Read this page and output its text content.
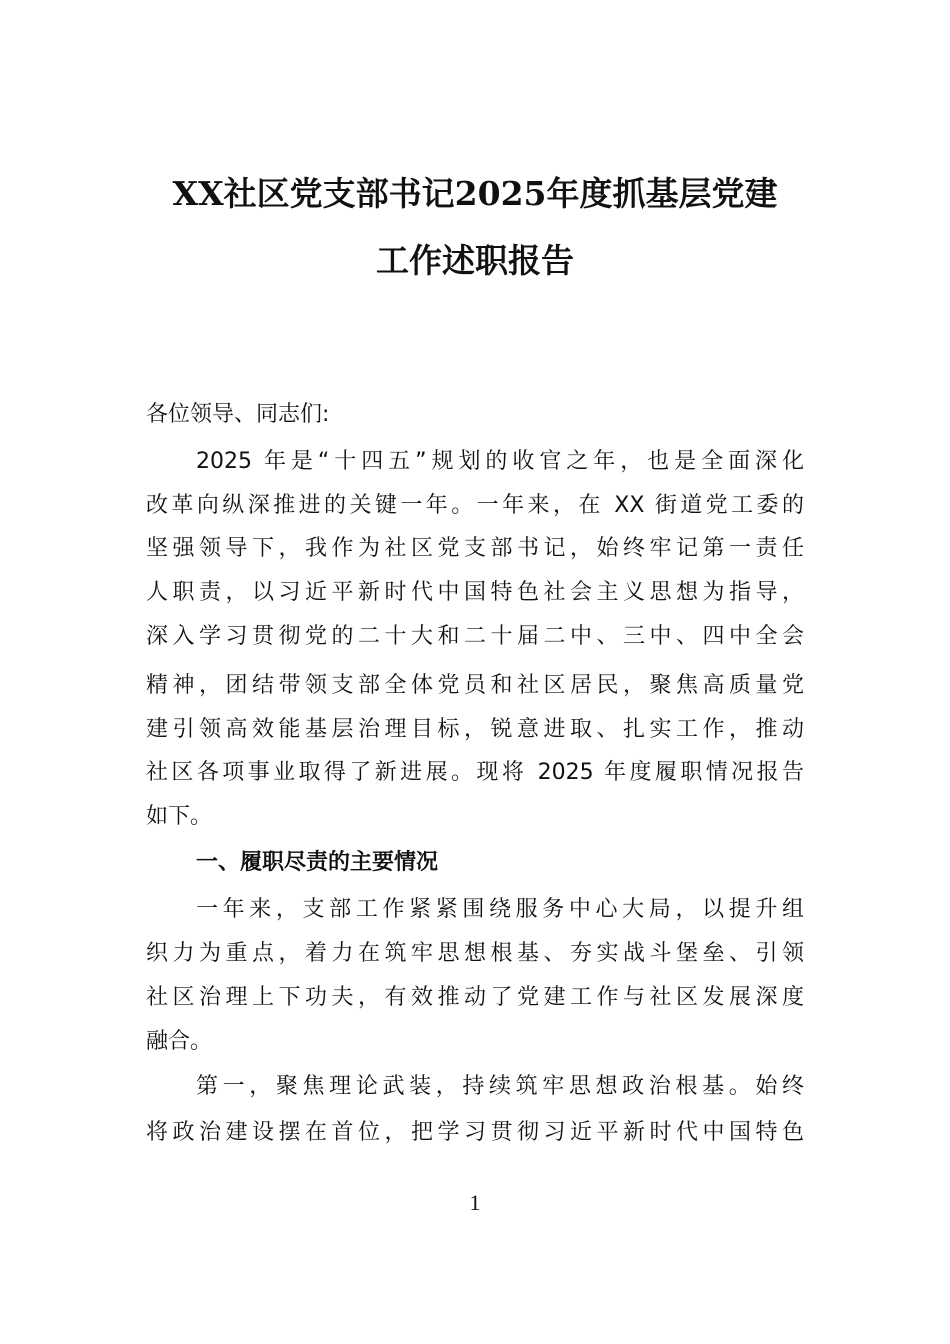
XX社区党支部书记2025年度抓基层党建
工作述职报告
各位领导、同志们:
2025 年是“十四五”规划的收官之年，也是全面深化
改革向纵深推进的关键一年。一年来，在 XX 街道党工委的
坚强领导下，我作为社区党支部书记，始终牢记第一责任
人职责，以习近平新时代中国特色社会主义思想为指导，
深入学习贯彻党的二十大和二十届二中、三中、四中全会
精神，团结带领支部全体党员和社区居民，聚焦高质量党
建引领高效能基层治理目标，锐意进取、扎实工作，推动
社区各项事业取得了新进展。现将 2025 年度履职情况报告
如下。
一、履职尽责的主要情况
一年来，支部工作紧紧围绕服务中心大局，以提升组
织力为重点，着力在筑牢思想根基、夯实战斗堡垒、引领
社区治理上下功夫，有效推动了党建工作与社区发展深度
融合。
第一，聚焦理论武装，持续筑牢思想政治根基。始终
将政治建设摆在首位，把学习贯彻习近平新时代中国特色
1
